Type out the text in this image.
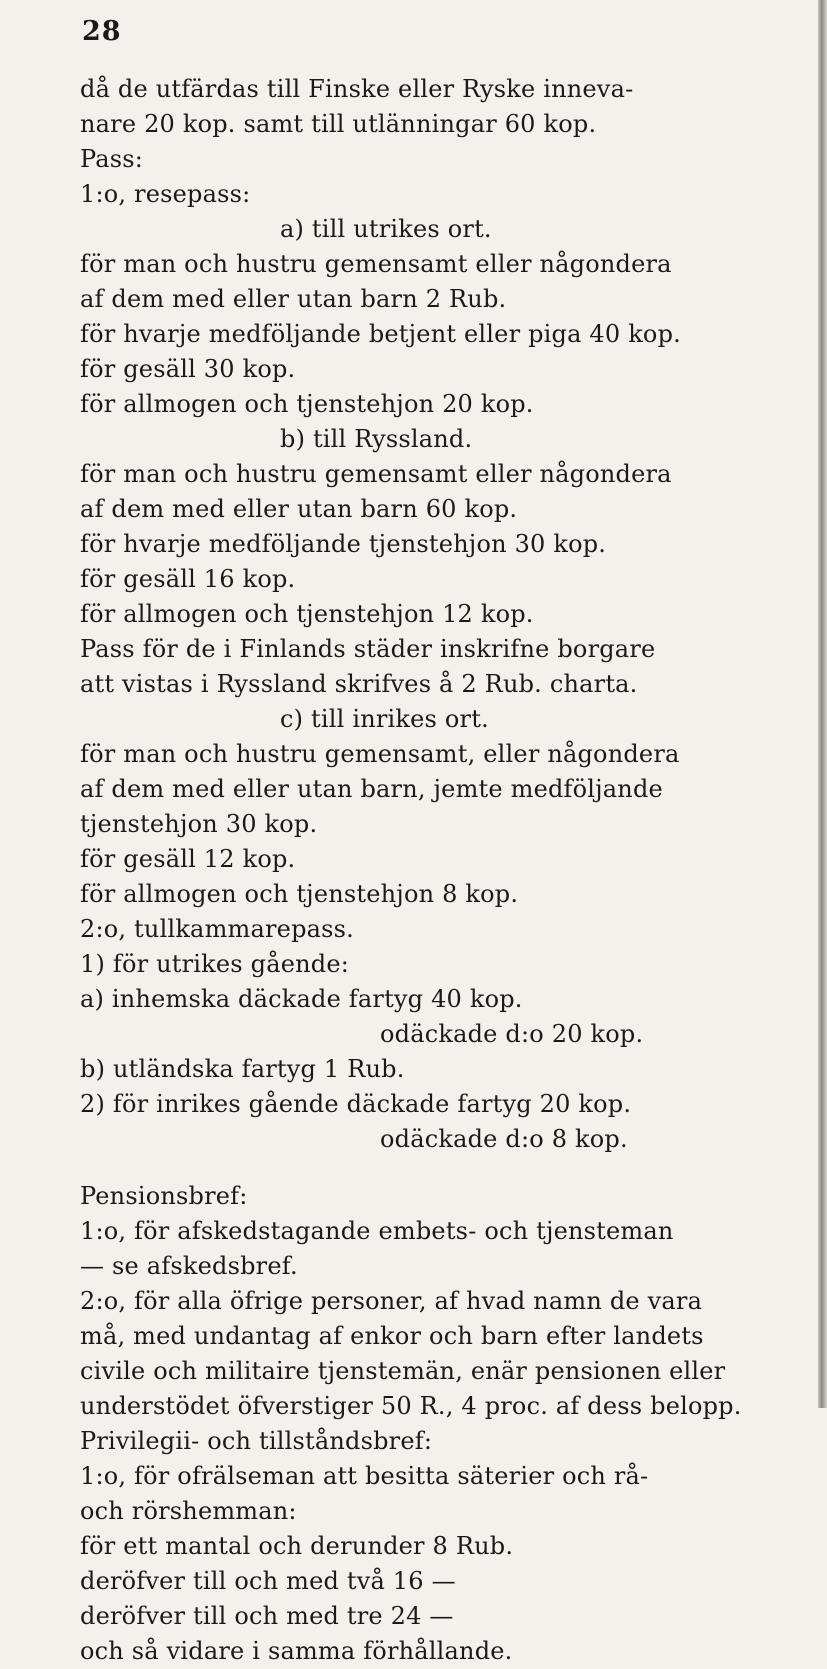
28
då de utfärdas till Finske eller Ryske inneva-
nare 20 kop. samt till utlänningar 60 kop.
Pass:
1:o, resepass:
a) till utrikes ort.
för man och hustru gemensamt eller någondera
af dem med eller utan barn 2 Rub.
för hvarje medföljande betjent eller piga 40 kop.
för gesäll 30 kop.
för allmogen och tjenstehjon 20 kop.
b) till Ryssland.
för man och hustru gemensamt eller någondera
af dem med eller utan barn 60 kop.
för hvarje medföljande tjenstehjon 30 kop.
för gesäll 16 kop.
för allmogen och tjenstehjon 12 kop.
Pass för de i Finlands städer inskrifne borgare
att vistas i Ryssland skrifves å 2 Rub. charta.
c) till inrikes ort.
för man och hustru gemensamt, eller någondera
af dem med eller utan barn, jemte medföljande
tjenstehjon 30 kop.
för gesäll 12 kop.
för allmogen och tjenstehjon 8 kop.
2:o, tullkammarepass.
1) för utrikes gående:
a) inhemska däckade fartyg 40 kop.
odäckade d:o 20 kop.
b) utländska fartyg 1 Rub.
2) för inrikes gående däckade fartyg 20 kop.
odäckade d:o 8 kop.
Pensionsbref:
1:o, för afskedstagande embets- och tjensteman
— se afskedsbref.
2:o, för alla öfrige personer, af hvad namn de vara
må, med undantag af enkor och barn efter landets
civile och militaire tjenstemän, enär pensionen eller
understödet öfverstiger 50 R., 4 proc. af dess belopp.
Privilegii- och tillståndsbref:
1:o, för ofrälseman att besitta säterier och rå-
och rörshemman:
för ett mantal och derunder 8 Rub.
deröfver till och med två 16 —
deröfver till och med tre 24 —
och så vidare i samma förhållande.
